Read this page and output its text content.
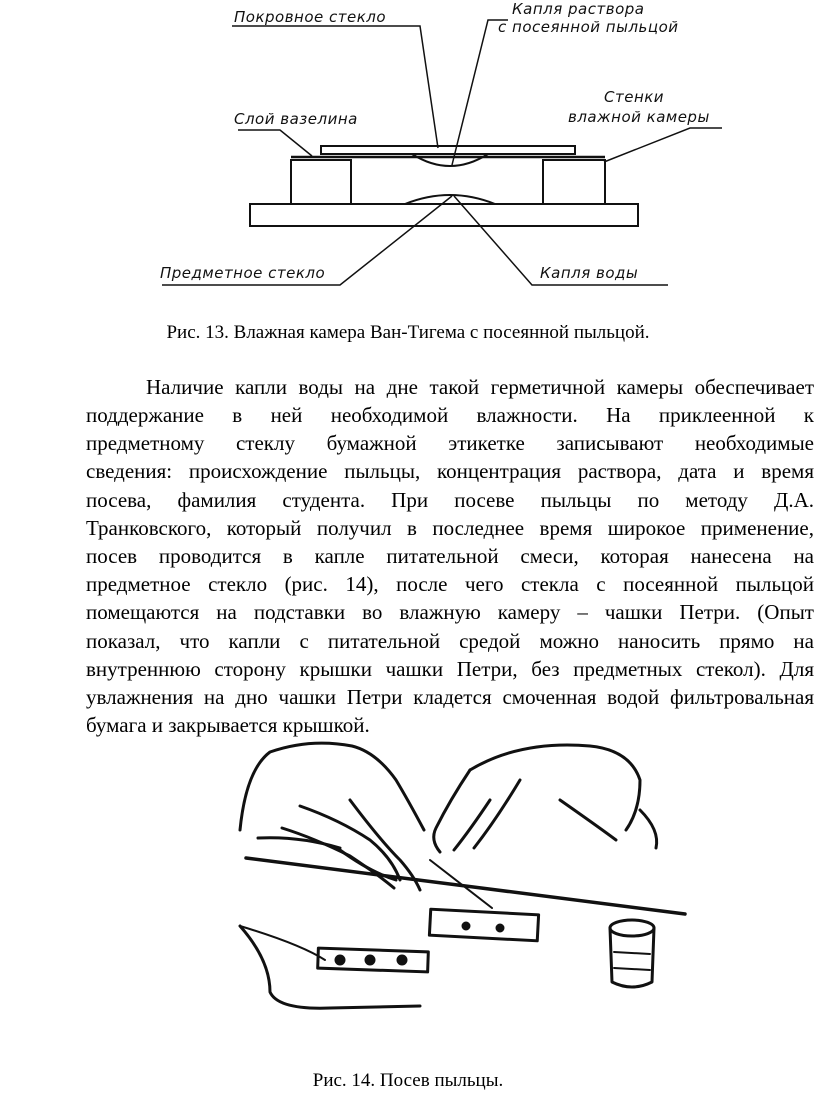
Покровное стекло	Капля раствора
с посеянной пыльцой
Слой вазелина
Стенки
влажной камеры
Предметное стекло	Капля воды
Рис. 13. Влажная камера Ван-Тигема с посеянной пыльцой.
Наличие капли воды на дне такой герметичной камеры обеспечивает
поддержание в ней необходимой влажности. На приклеенной к
предметному стеклу бумажной этикетке записывают необходимые
сведения: происхождение пыльцы, концентрация раствора, дата и время
посева, фамилия студента. При посеве пыльцы по методу Д.А.
Транковского, который получил в последнее время широкое применение,
посев проводится в капле питательной смеси, которая нанесена на
предметное стекло (рис. 14), после чего стекла с посеянной пыльцой
помещаются на подставки во влажную камеру – чашки Петри. (Опыт
показал, что капли с питательной средой можно наносить прямо на
внутреннюю сторону крышки чашки Петри, без предметных стекол). Для
увлажнения на дно чашки Петри кладется смоченная водой фильтровальная
бумага и закрывается крышкой.
Рис. 14. Посев пыльцы.
